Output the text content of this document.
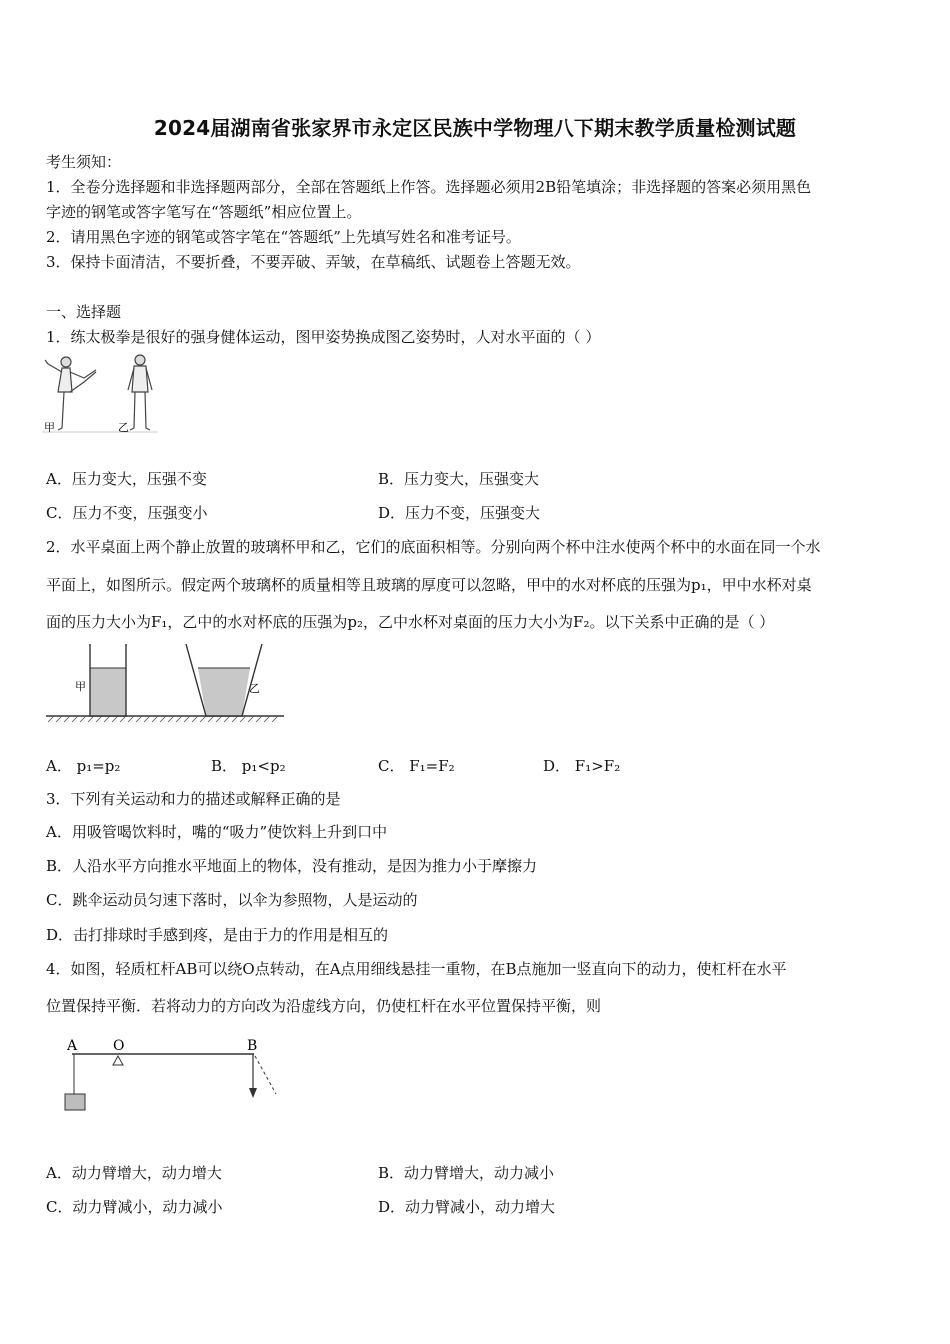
2024届湖南省张家界市永定区民族中学物理八下期末教学质量检测试题
考生须知：
1．全卷分选择题和非选择题两部分，全部在答题纸上作答。选择题必须用2B铅笔填涂；非选择题的答案必须用黑色
字迹的钢笔或答字笔写在“答题纸”相应位置上。
2．请用黑色字迹的钢笔或答字笔在“答题纸”上先填写姓名和准考证号。
3．保持卡面清洁，不要折叠，不要弄破、弄皱，在草稿纸、试题卷上答题无效。
一、选择题
1．练太极拳是很好的强身健体运动，图甲姿势换成图乙姿势时，人对水平面的（ ）
甲	乙
A．压力变大，压强不变	B．压力变大，压强变大
C．压力不变，压强变小	D．压力不变，压强变大
2．水平桌面上两个静止放置的玻璃杯甲和乙，它们的底面积相等。分别向两个杯中注水使两个杯中的水面在同一个水
平面上，如图所示。假定两个玻璃杯的质量相等且玻璃的厚度可以忽略，甲中的水对杯底的压强为p₁，甲中水杯对桌
面的压力大小为F₁，乙中的水对杯底的压强为p₂，乙中水杯对桌面的压力大小为F₂。以下关系中正确的是（ ）
甲	乙
A． p₁=p₂	B． p₁<p₂	C． F₁=F₂	D． F₁>F₂
3．下列有关运动和力的描述或解释正确的是
A．用吸管喝饮料时，嘴的“吸力”使饮料上升到口中
B．人沿水平方向推水平地面上的物体，没有推动，是因为推力小于摩擦力
C．跳伞运动员匀速下落时，以伞为参照物，人是运动的
D．击打排球时手感到疼，是由于力的作用是相互的
4．如图，轻质杠杆AB可以绕O点转动，在A点用细线悬挂一重物，在B点施加一竖直向下的动力，使杠杆在水平
位置保持平衡．若将动力的方向改为沿虚线方向，仍使杠杆在水平位置保持平衡，则
A	O	B
A．动力臂增大，动力增大	B．动力臂增大，动力减小
C．动力臂减小，动力减小	D．动力臂减小，动力增大
